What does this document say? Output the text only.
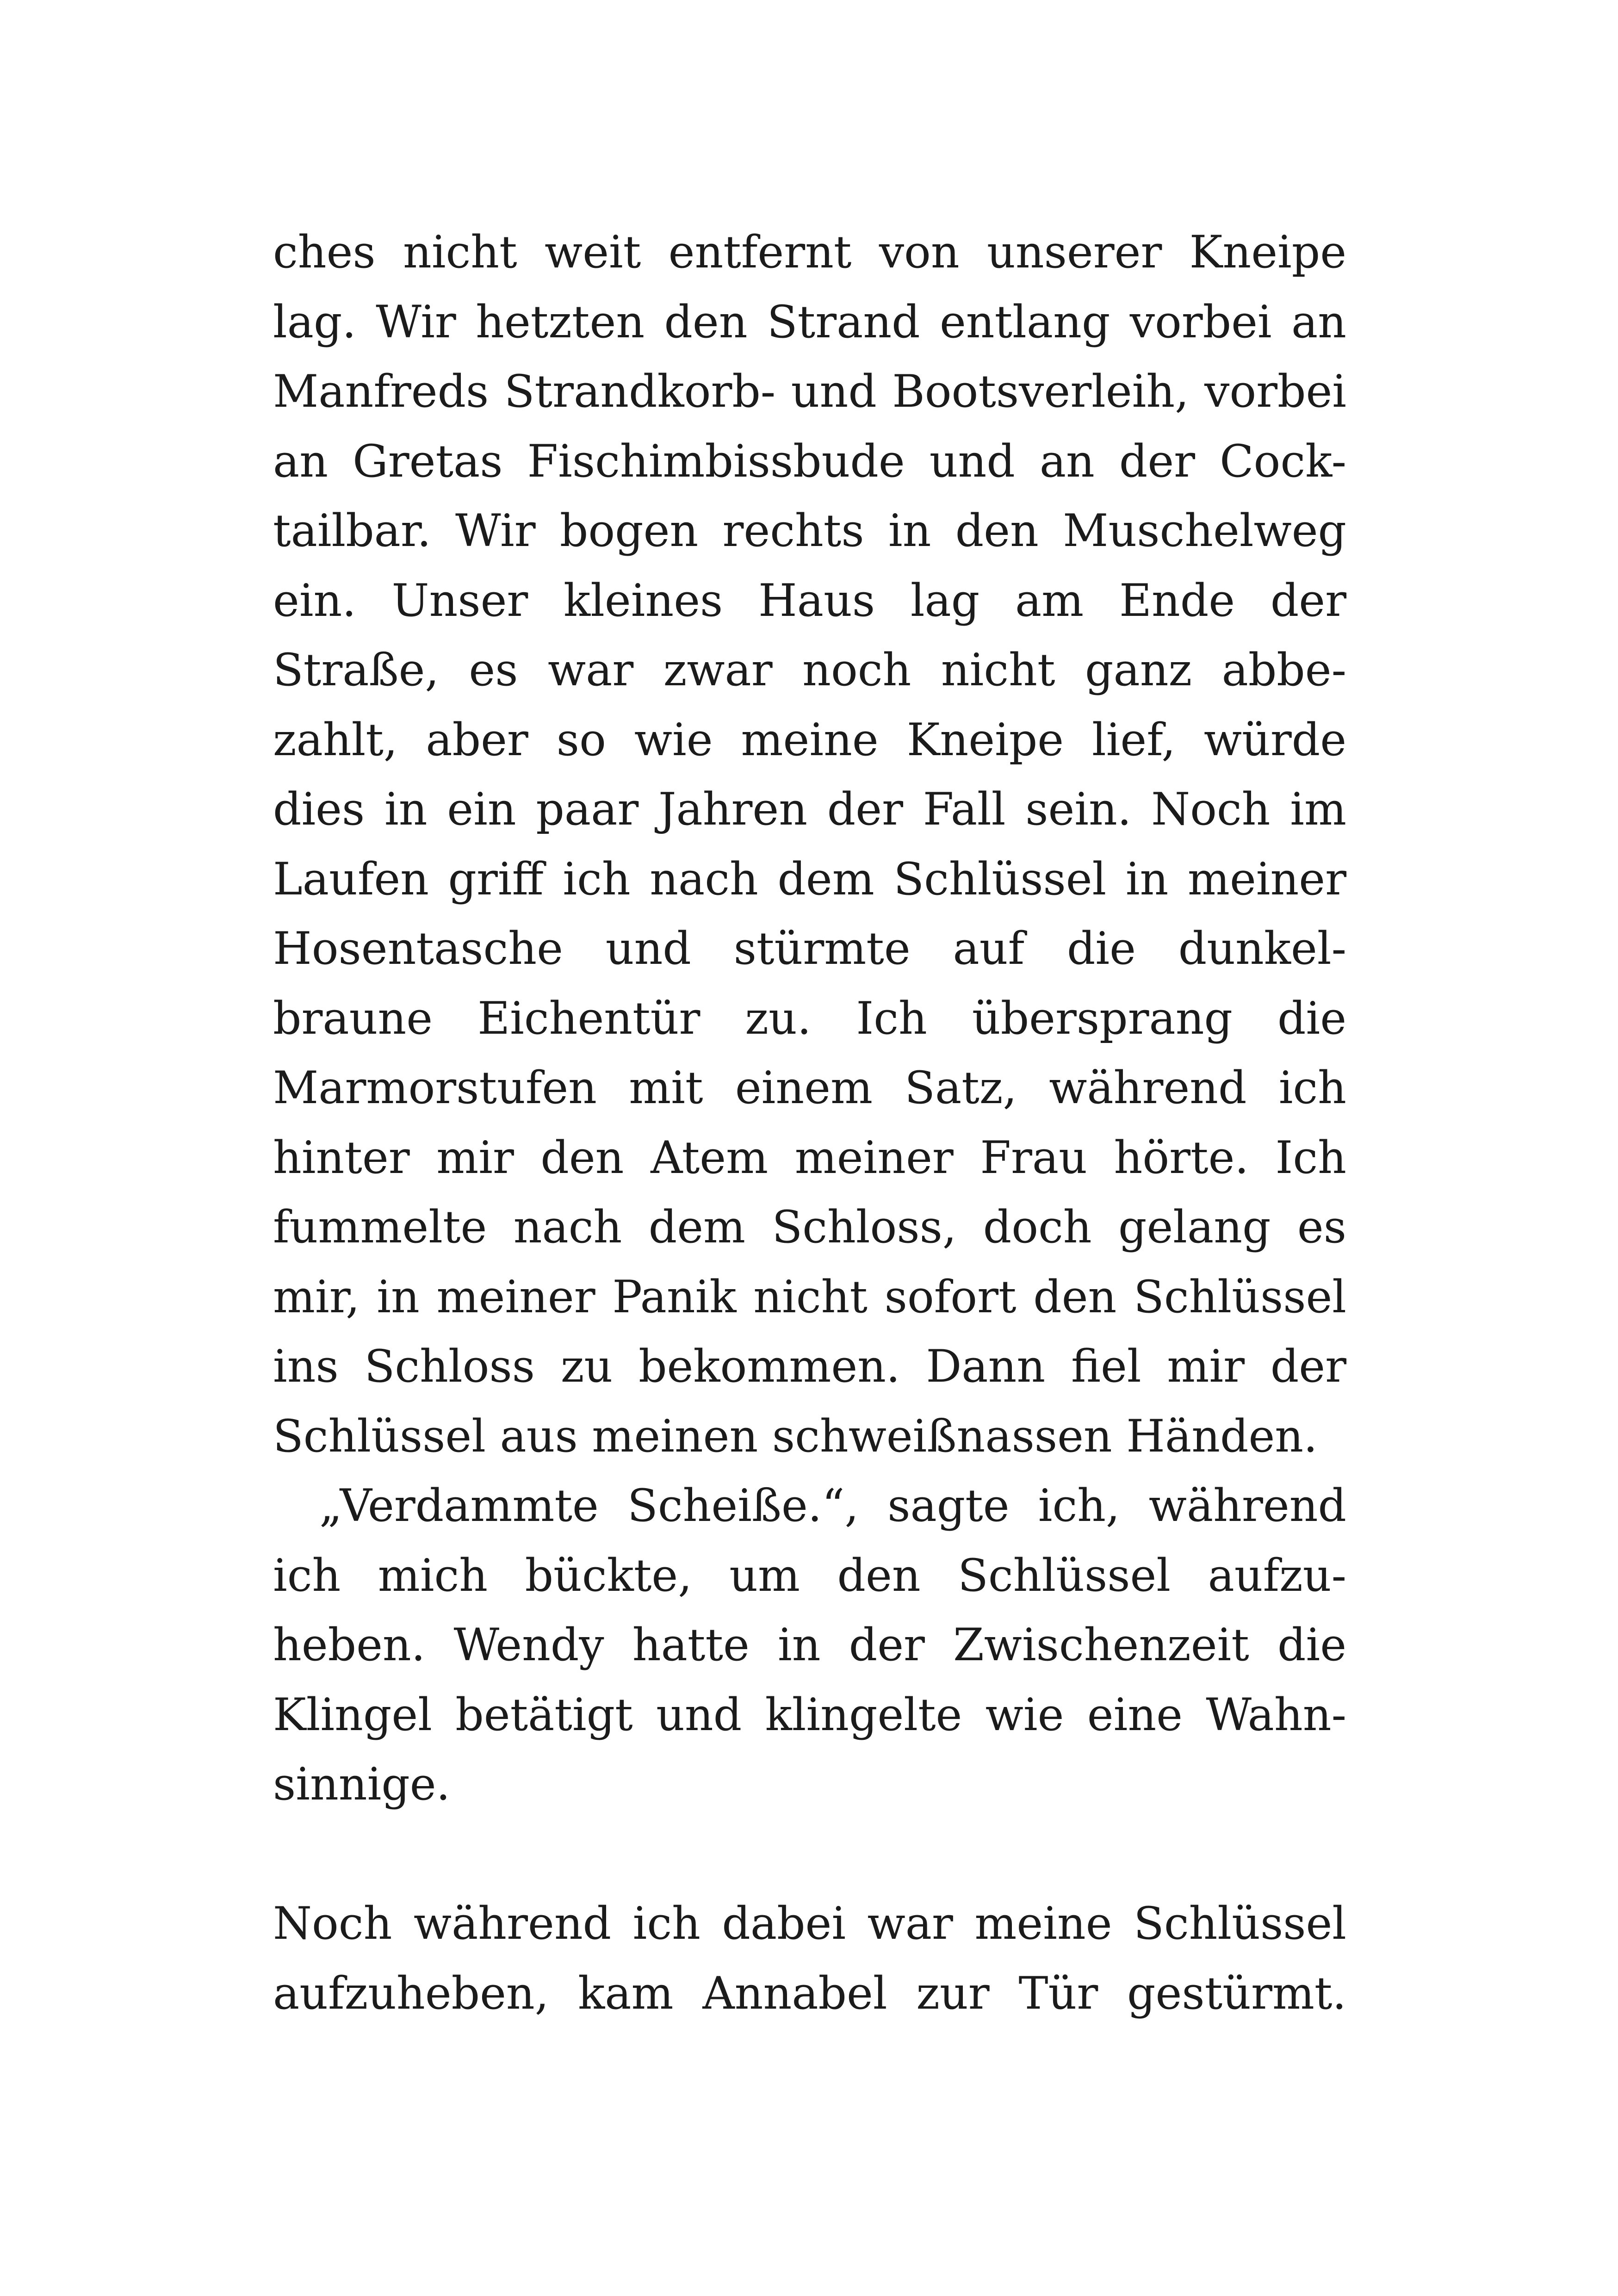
ches nicht weit entfernt von unserer Kneipe
lag. Wir hetzten den Strand entlang vorbei an
Manfreds Strandkorb- und Bootsverleih, vorbei
an Gretas Fischimbissbude und an der Cock-
tailbar. Wir bogen rechts in den Muschelweg
ein. Unser kleines Haus lag am Ende der
Straße, es war zwar noch nicht ganz abbe-
zahlt, aber so wie meine Kneipe lief, würde
dies in ein paar Jahren der Fall sein. Noch im
Laufen griff ich nach dem Schlüssel in meiner
Hosentasche und stürmte auf die dunkel-
braune Eichentür zu. Ich übersprang die
Marmorstufen mit einem Satz, während ich
hinter mir den Atem meiner Frau hörte. Ich
fummelte nach dem Schloss, doch gelang es
mir, in meiner Panik nicht sofort den Schlüssel
ins Schloss zu bekommen. Dann fiel mir der
Schlüssel aus meinen schweißnassen Händen.
„Verdammte Scheiße.“, sagte ich, während
ich mich bückte, um den Schlüssel aufzu-
heben. Wendy hatte in der Zwischenzeit die
Klingel betätigt und klingelte wie eine Wahn-
sinnige.
Noch während ich dabei war meine Schlüssel
aufzuheben, kam Annabel zur Tür gestürmt.
